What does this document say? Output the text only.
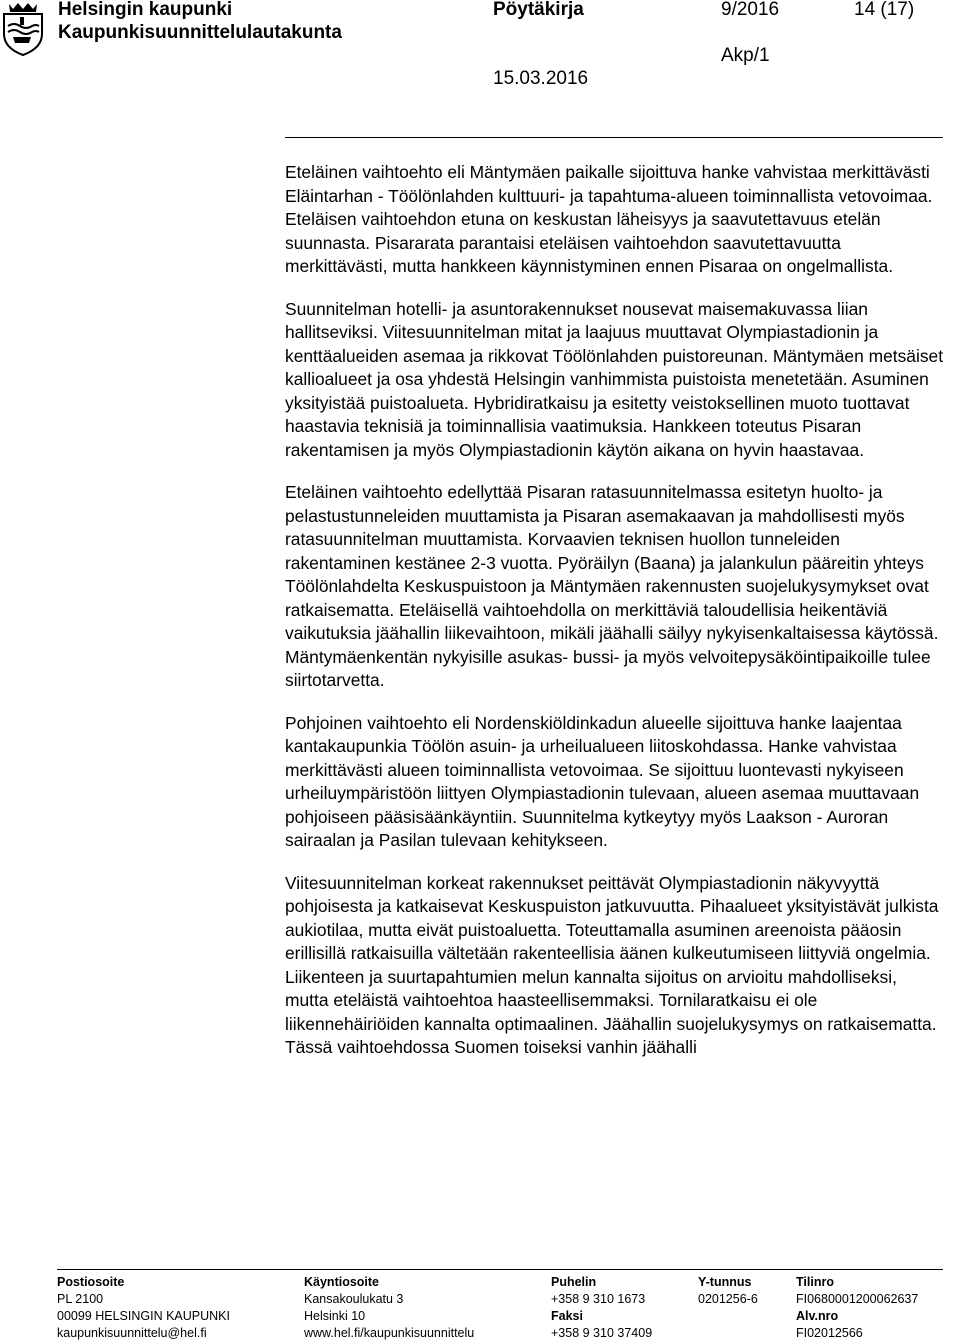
Helsingin kaupunki
Kaupunkisuunnittelulautakunta
Pöytäkirja	9/2016	14 (17)
Akp/1
15.03.2016

Eteläinen vaihtoehto eli Mäntymäen paikalle sijoittuva hanke vahvistaa merkittävästi Eläintarhan - Töölönlahden kulttuuri- ja tapahtuma-alueen toiminnallista vetovoimaa. Eteläisen vaihtoehdon etuna on keskustan läheisyys ja saavutettavuus etelän suunnasta. Pisararata parantaisi eteläisen vaihtoehdon saavutettavuutta merkittävästi, mutta hankkeen käynnistyminen ennen Pisaraa on ongelmallista.

Suunnitelman hotelli- ja asuntorakennukset nousevat maisemakuvassa liian hallitseviksi. Viitesuunnitelman mitat ja laajuus muuttavat Olympiastadionin ja kenttäalueiden asemaa ja rikkovat Töölönlahden puistoreunan. Mäntymäen metsäiset kallioalueet ja osa yhdestä Helsingin vanhimmista puistoista menetetään. Asuminen yksityistää puistoalueta. Hybridiratkaisu ja esitetty veistoksellinen muoto tuottavat haastavia teknisiä ja toiminnallisia vaatimuksia. Hankkeen toteutus Pisaran rakentamisen ja myös Olympiastadionin käytön aikana on hyvin haastavaa.

Eteläinen vaihtoehto edellyttää Pisaran ratasuunnitelmassa esitetyn huolto- ja pelastustunneleiden muuttamista ja Pisaran asemakaavan ja mahdollisesti myös ratasuunnitelman muuttamista. Korvaavien teknisen huollon tunneleiden rakentaminen kestänee 2-3 vuotta. Pyöräilyn (Baana) ja jalankulun pääreitin yhteys Töölönlahdelta Keskuspuistoon ja Mäntymäen rakennusten suojelukysymykset ovat ratkaisematta. Eteläisellä vaihtoehdolla on merkittäviä taloudellisia heikentäviä vaikutuksia jäähallin liikevaihtoon, mikäli jäähalli säilyy nykyisenkaltaisessa käytössä. Mäntymäenkentän nykyisille asukas- bussi- ja myös velvoitepysäköintipaikoille tulee siirtotarvetta.

Pohjoinen vaihtoehto eli Nordenskiöldinkadun alueelle sijoittuva hanke laajentaa kantakaupunkia Töölön asuin- ja urheilualueen liitoskohdassa. Hanke vahvistaa merkittävästi alueen toiminnallista vetovoimaa. Se sijoittuu luontevasti nykyiseen urheiluympäristöön liittyen Olympiastadionin tulevaan, alueen asemaa muuttavaan pohjoiseen pääsisäänkäyntiin. Suunnitelma kytkeytyy myös Laakson - Auroran sairaalan ja Pasilan tulevaan kehitykseen.

Viitesuunnitelman korkeat rakennukset peittävät Olympiastadionin näkyvyyttä pohjoisesta ja katkaisevat Keskuspuiston jatkuvuutta. Pihaalueet yksityistävät julkista aukiotilaa, mutta eivät puistoaluetta. Toteuttamalla asuminen areenoista pääosin erillisillä ratkaisuilla vältetään rakenteellisia äänen kulkeutumiseen liittyviä ongelmia. Liikenteen ja suurtapahtumien melun kannalta sijoitus on arvioitu mahdolliseksi, mutta eteläistä vaihtoehtoa haasteellisemmaksi. Tornilaratkaisu ei ole liikennehäiriöiden kannalta optimaalinen. Jäähallin suojelukysymys on ratkaisematta. Tässä vaihtoehdossa Suomen toiseksi vanhin jäähalli

Postiosoite
PL 2100
00099 HELSINGIN KAUPUNKI
kaupunkisuunnittelu@hel.fi
Käyntiosoite
Kansakoulukatu 3
Helsinki 10
www.hel.fi/kaupunkisuunnittelu
Puhelin
+358 9 310 1673
Faksi
+358 9 310 37409
Y-tunnus
0201256-6
Tilinro
FI0680001200062637
Alv.nro
FI02012566
